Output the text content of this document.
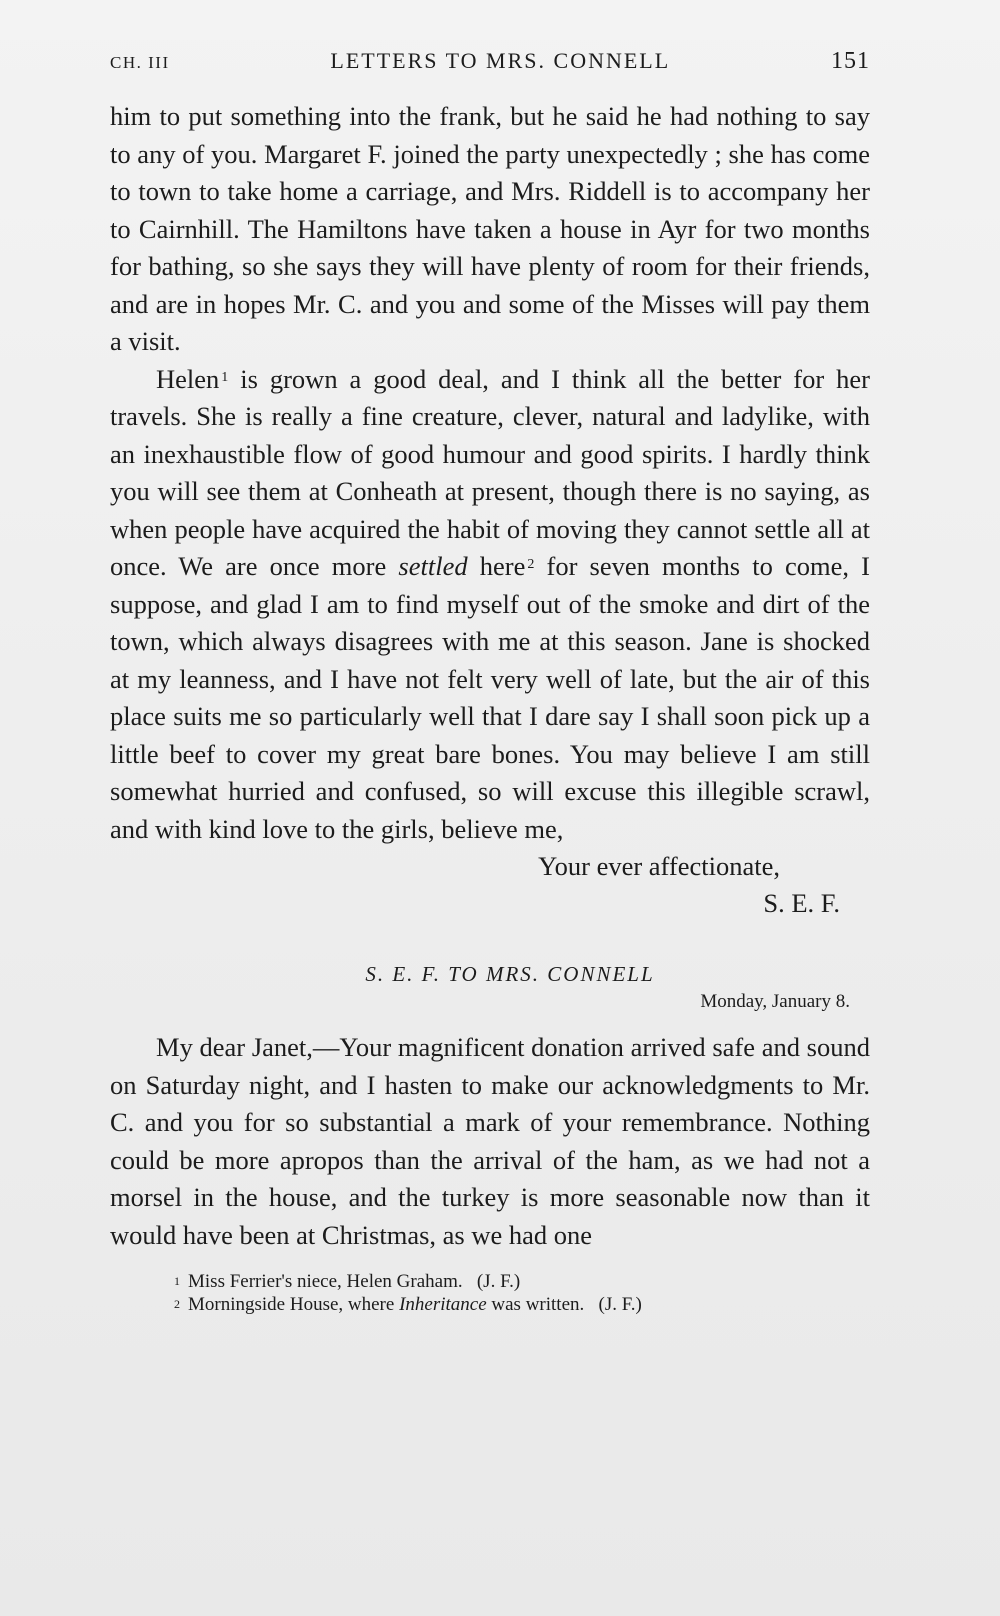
CH. III	LETTERS TO MRS. CONNELL	151

him to put something into the frank, but he said he had nothing to say to any of you. Margaret F. joined the party unexpectedly ; she has come to town to take home a carriage, and Mrs. Riddell is to accompany her to Cairnhill. The Hamiltons have taken a house in Ayr for two months for bathing, so she says they will have plenty of room for their friends, and are in hopes Mr. C. and you and some of the Misses will pay them a visit.

Helen $^1$ is grown a good deal, and I think all the better for her travels. She is really a fine creature, clever, natural and ladylike, with an inexhaustible flow of good humour and good spirits. I hardly think you will see them at Conheath at present, though there is no saying, as when people have acquired the habit of moving they cannot settle all at once. We are once more settled here $^2$ for seven months to come, I suppose, and glad I am to find myself out of the smoke and dirt of the town, which always disagrees with me at this season. Jane is shocked at my leanness, and I have not felt very well of late, but the air of this place suits me so particularly well that I dare say I shall soon pick up a little beef to cover my great bare bones. You may believe I am still somewhat hurried and confused, so will excuse this illegible scrawl, and with kind love to the girls, believe me,

Your ever affectionate,
S. E. F.
S. E. F. TO MRS. CONNELL
Monday, January 8.

My dear Janet,—Your magnificent donation arrived safe and sound on Saturday night, and I hasten to make our acknowledgments to Mr. C. and you for so substantial a mark of your remembrance. Nothing could be more apropos than the arrival of the ham, as we had not a morsel in the house, and the turkey is more seasonable now than it would have been at Christmas, as we had one

$^1$ Miss Ferrier's niece, Helen Graham. (J. F.)

$^2$ Morningside House, where Inheritance was written. (J. F.)
